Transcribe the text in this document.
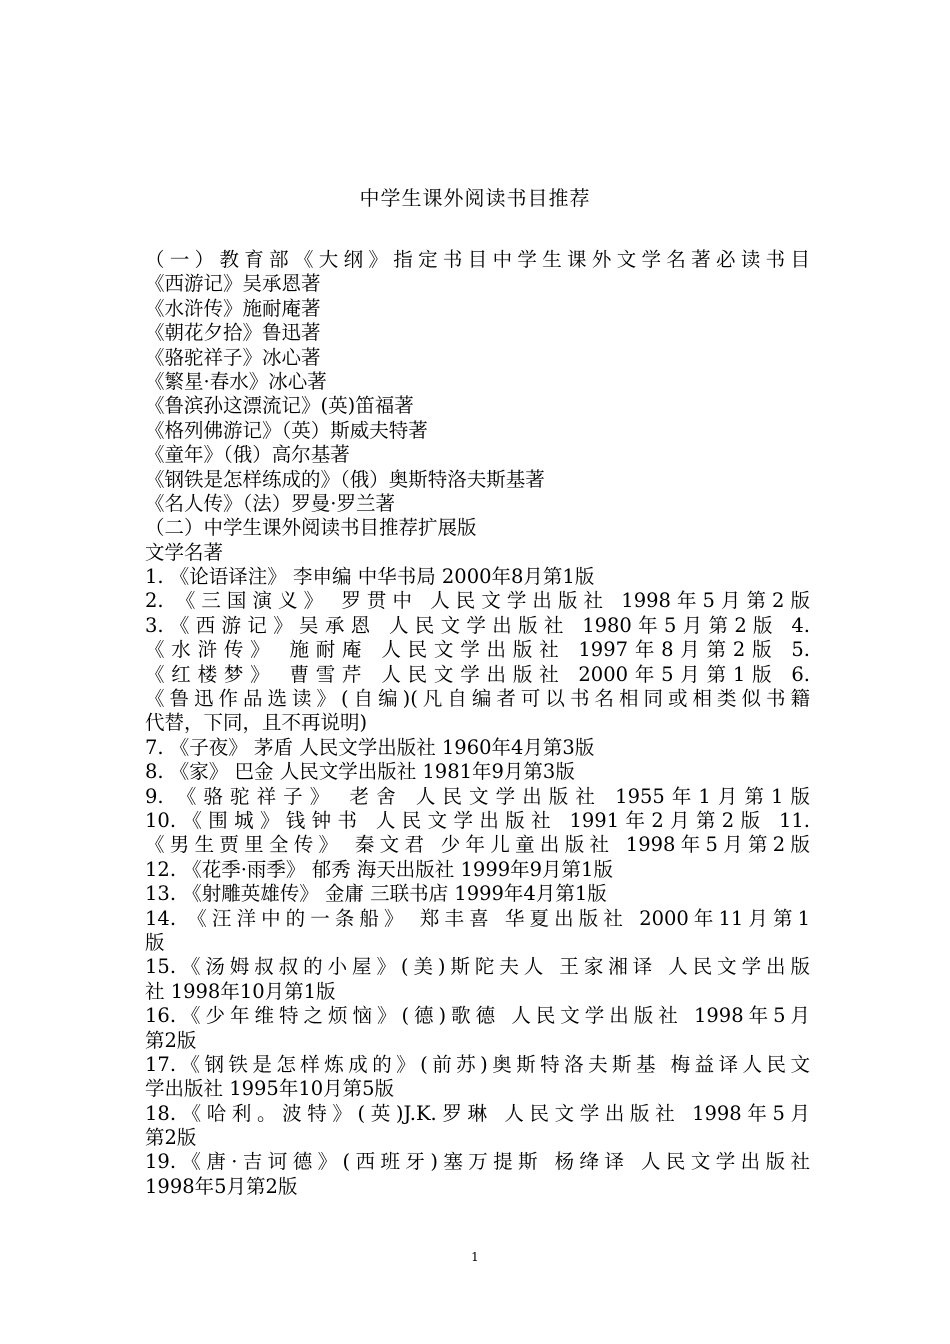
中学生课外阅读书目推荐
（一）教育部《大纲》指定书目中学生课外文学名著必读书目
《西游记》吴承恩著
《水浒传》施耐庵著
《朝花夕拾》鲁迅著
《骆驼祥子》冰心著
《繁星·春水》冰心著
《鲁滨孙这漂流记》(英)笛福著
《格列佛游记》（英）斯威夫特著
《童年》（俄）高尔基著
《钢铁是怎样练成的》（俄）奥斯特洛夫斯基著
《名人传》（法）罗曼·罗兰著
（二）中学生课外阅读书目推荐扩展版
文学名著
1. 《论语译注》 李申编 中华书局 2000年8月第1版
2. 《三国演义》 罗贯中 人民文学出版社 1998年5月第2版
3.《西游记》吴承恩 人民文学出版社 1980年5月第2版 4.
《水浒传》 施耐庵 人民文学出版社 1997年8月第2版 5.
《红楼梦》 曹雪芹 人民文学出版社 2000年5月第1版 6.
《鲁迅作品选读》(自编)(凡自编者可以书名相同或相类似书籍
代替，下同，且不再说明)
7. 《子夜》 茅盾 人民文学出版社 1960年4月第3版
8. 《家》 巴金 人民文学出版社 1981年9月第3版
9. 《骆驼祥子》 老舍 人民文学出版社 1955年1月第1版
10.《围城》钱钟书 人民文学出版社 1991年2月第2版 11.
《男生贾里全传》 秦文君 少年儿童出版社 1998年5月第2版
12. 《花季·雨季》 郁秀 海天出版社 1999年9月第1版
13. 《射雕英雄传》 金庸 三联书店 1999年4月第1版
14. 《汪洋中的一条船》 郑丰喜 华夏出版社 2000年11月第1
版
15.《汤姆叔叔的小屋》(美)斯陀夫人 王家湘译 人民文学出版
社 1998年10月第1版
16.《少年维特之烦恼》(德)歌德 人民文学出版社 1998年5月
第2版
17.《钢铁是怎样炼成的》(前苏)奥斯特洛夫斯基 梅益译人民文
学出版社 1995年10月第5版
18.《哈利。波特》(英)J.K.罗琳 人民文学出版社 1998年5月
第2版
19.《唐·吉诃德》(西班牙)塞万提斯 杨绛译 人民文学出版社
1998年5月第2版
1
